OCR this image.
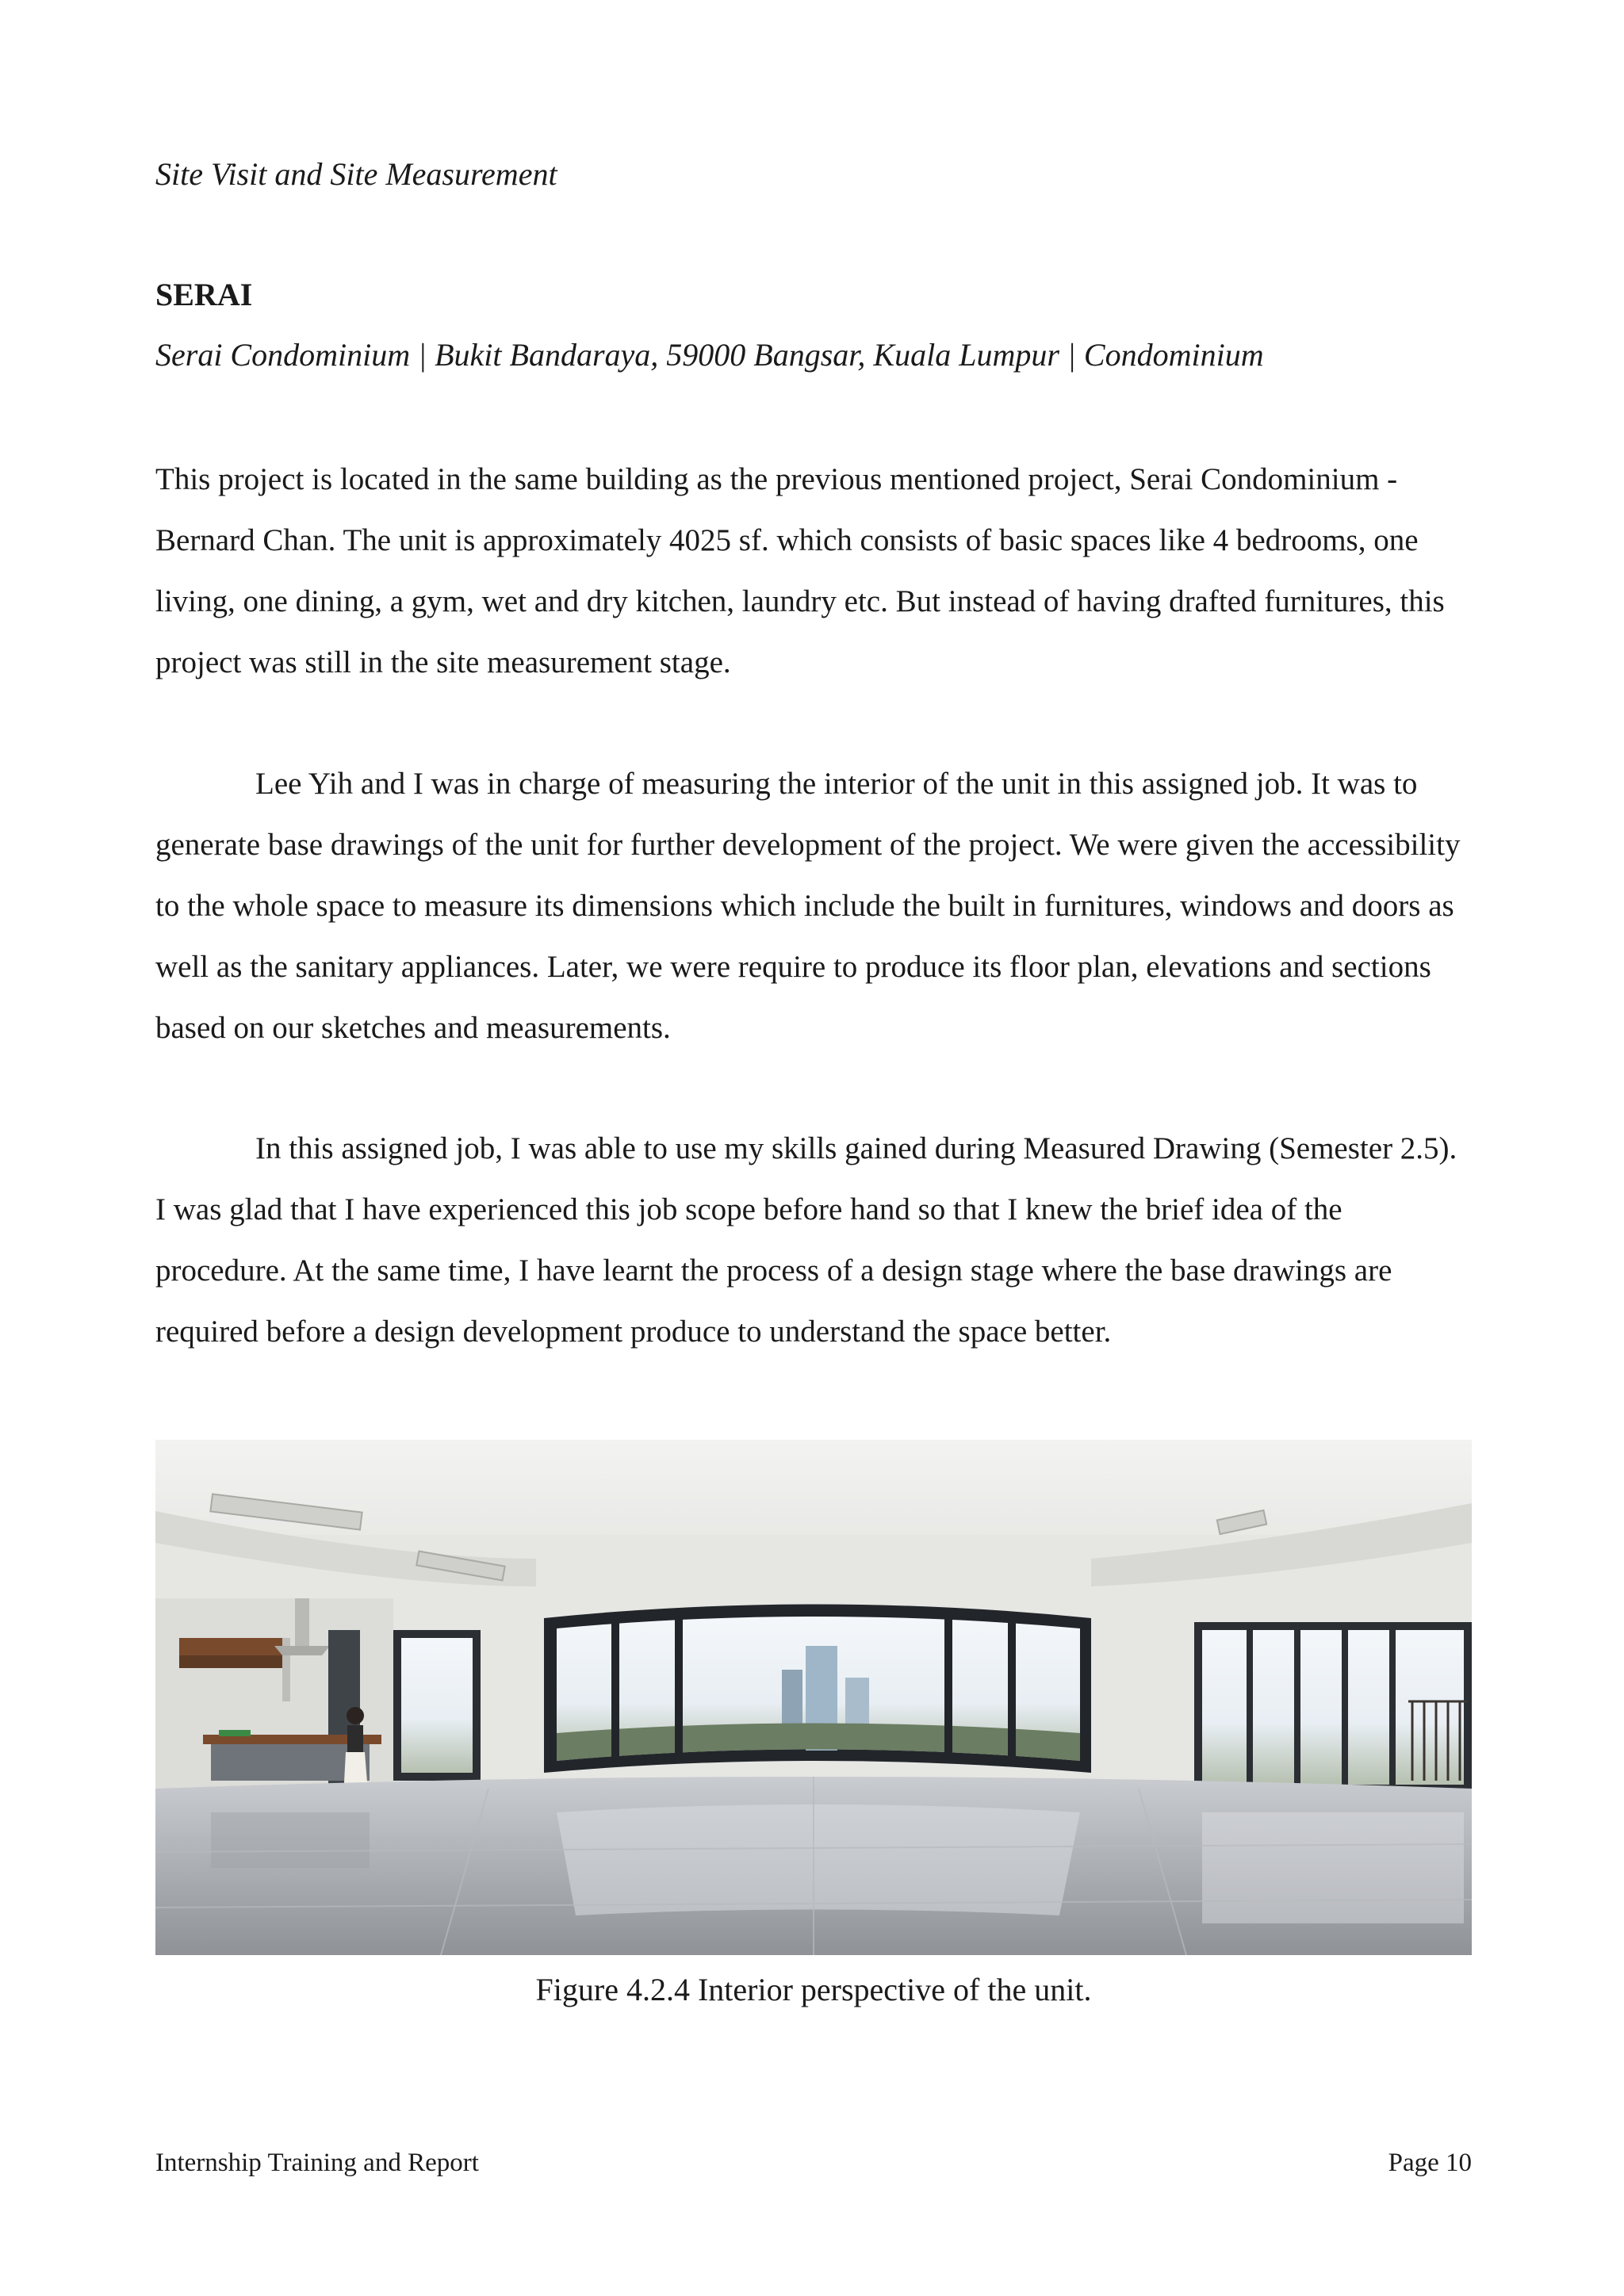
Site Visit and Site Measurement
SERAI
Serai Condominium | Bukit Bandaraya, 59000 Bangsar, Kuala Lumpur | Condominium

This project is located in the same building as the previous mentioned project, Serai Condominium - Bernard Chan. The unit is approximately 4025 sf. which consists of basic spaces like 4 bedrooms, one living, one dining, a gym, wet and dry kitchen, laundry etc. But instead of having drafted furnitures, this project was still in the site measurement stage.

Lee Yih and I was in charge of measuring the interior of the unit in this assigned job. It was to generate base drawings of the unit for further development of the project. We were given the accessibility to the whole space to measure its dimensions which include the built in furnitures, windows and doors as well as the sanitary appliances. Later, we were require to produce its floor plan, elevations and sections based on our sketches and measurements.

In this assigned job, I was able to use my skills gained during Measured Drawing (Semester 2.5). I was glad that I have experienced this job scope before hand so that I knew the brief idea of the procedure. At the same time, I have learnt the process of a design stage where the base drawings are required before a design development produce to understand the space better.

Figure 4.2.4 Interior perspective of the unit.
Internship Training and Report	Page 10
